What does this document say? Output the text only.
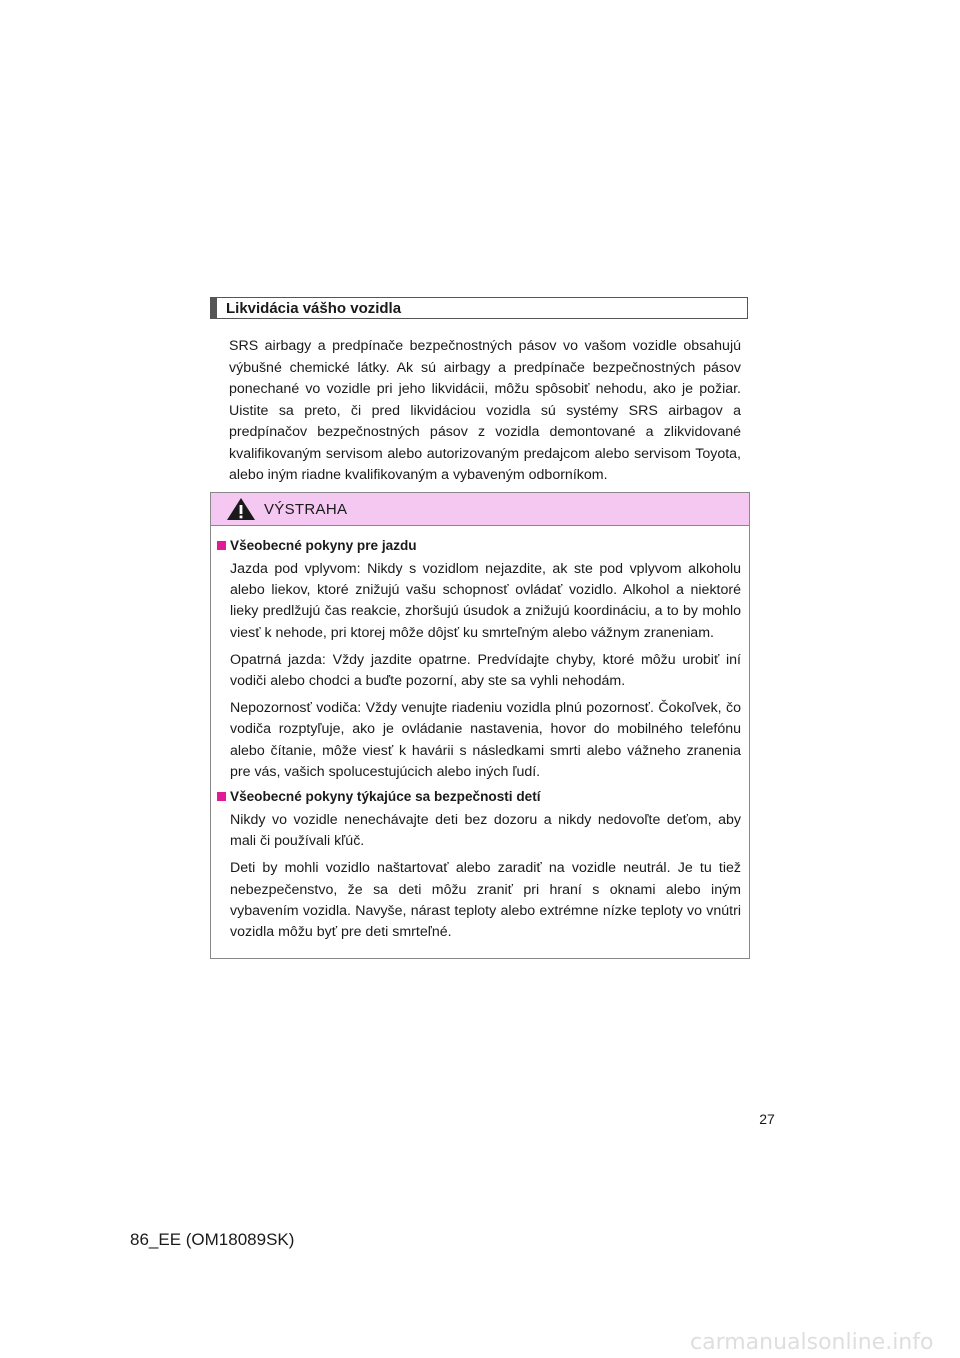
Likvidácia vášho vozidla
SRS airbagy a predpínače bezpečnostných pásov vo vašom vozidle obsahujú výbušné chemické látky. Ak sú airbagy a predpínače bezpečnostných pásov ponechané vo vozidle pri jeho likvidácii, môžu spôsobiť nehodu, ako je požiar. Uistite sa preto, či pred likvidáciou vozidla sú systémy SRS airbagov a predpínačov bezpečnostných pásov z vozidla demontované a zlikvidované kvalifikovaným servisom alebo autorizovaným predajcom alebo servisom Toyota, alebo iným riadne kvalifikovaným a vybaveným odborníkom.
VÝSTRAHA
Všeobecné pokyny pre jazdu

Jazda pod vplyvom: Nikdy s vozidlom nejazdite, ak ste pod vplyvom alkoholu alebo liekov, ktoré znižujú vašu schopnosť ovládať vozidlo. Alkohol a niektoré lieky predlžujú čas reakcie, zhoršujú úsudok a znižujú koordináciu, a to by mohlo viesť k nehode, pri ktorej môže dôjsť ku smrteľným alebo vážnym zraneniam.

Opatrná jazda: Vždy jazdite opatrne. Predvídajte chyby, ktoré môžu urobiť iní vodiči alebo chodci a buďte pozorní, aby ste sa vyhli nehodám.

Nepozornosť vodiča: Vždy venujte riadeniu vozidla plnú pozornosť. Čokoľvek, čo vodiča rozptyľuje, ako je ovládanie nastavenia, hovor do mobilného telefónu alebo čítanie, môže viesť k havárii s následkami smrti alebo vážneho zranenia pre vás, vašich spolucestujúcich alebo iných ľudí.

Všeobecné pokyny týkajúce sa bezpečnosti detí

Nikdy vo vozidle nenechávajte deti bez dozoru a nikdy nedovoľte deťom, aby mali či používali kľúč.

Deti by mohli vozidlo naštartovať alebo zaradiť na vozidle neutrál. Je tu tiež nebezpečenstvo, že sa deti môžu zraniť pri hraní s oknami alebo iným vybavením vozidla. Navyše, nárast teploty alebo extrémne nízke teploty vo vnútri vozidla môžu byť pre deti smrteľné.

27
86_EE (OM18089SK)
carmanualsonline.info
